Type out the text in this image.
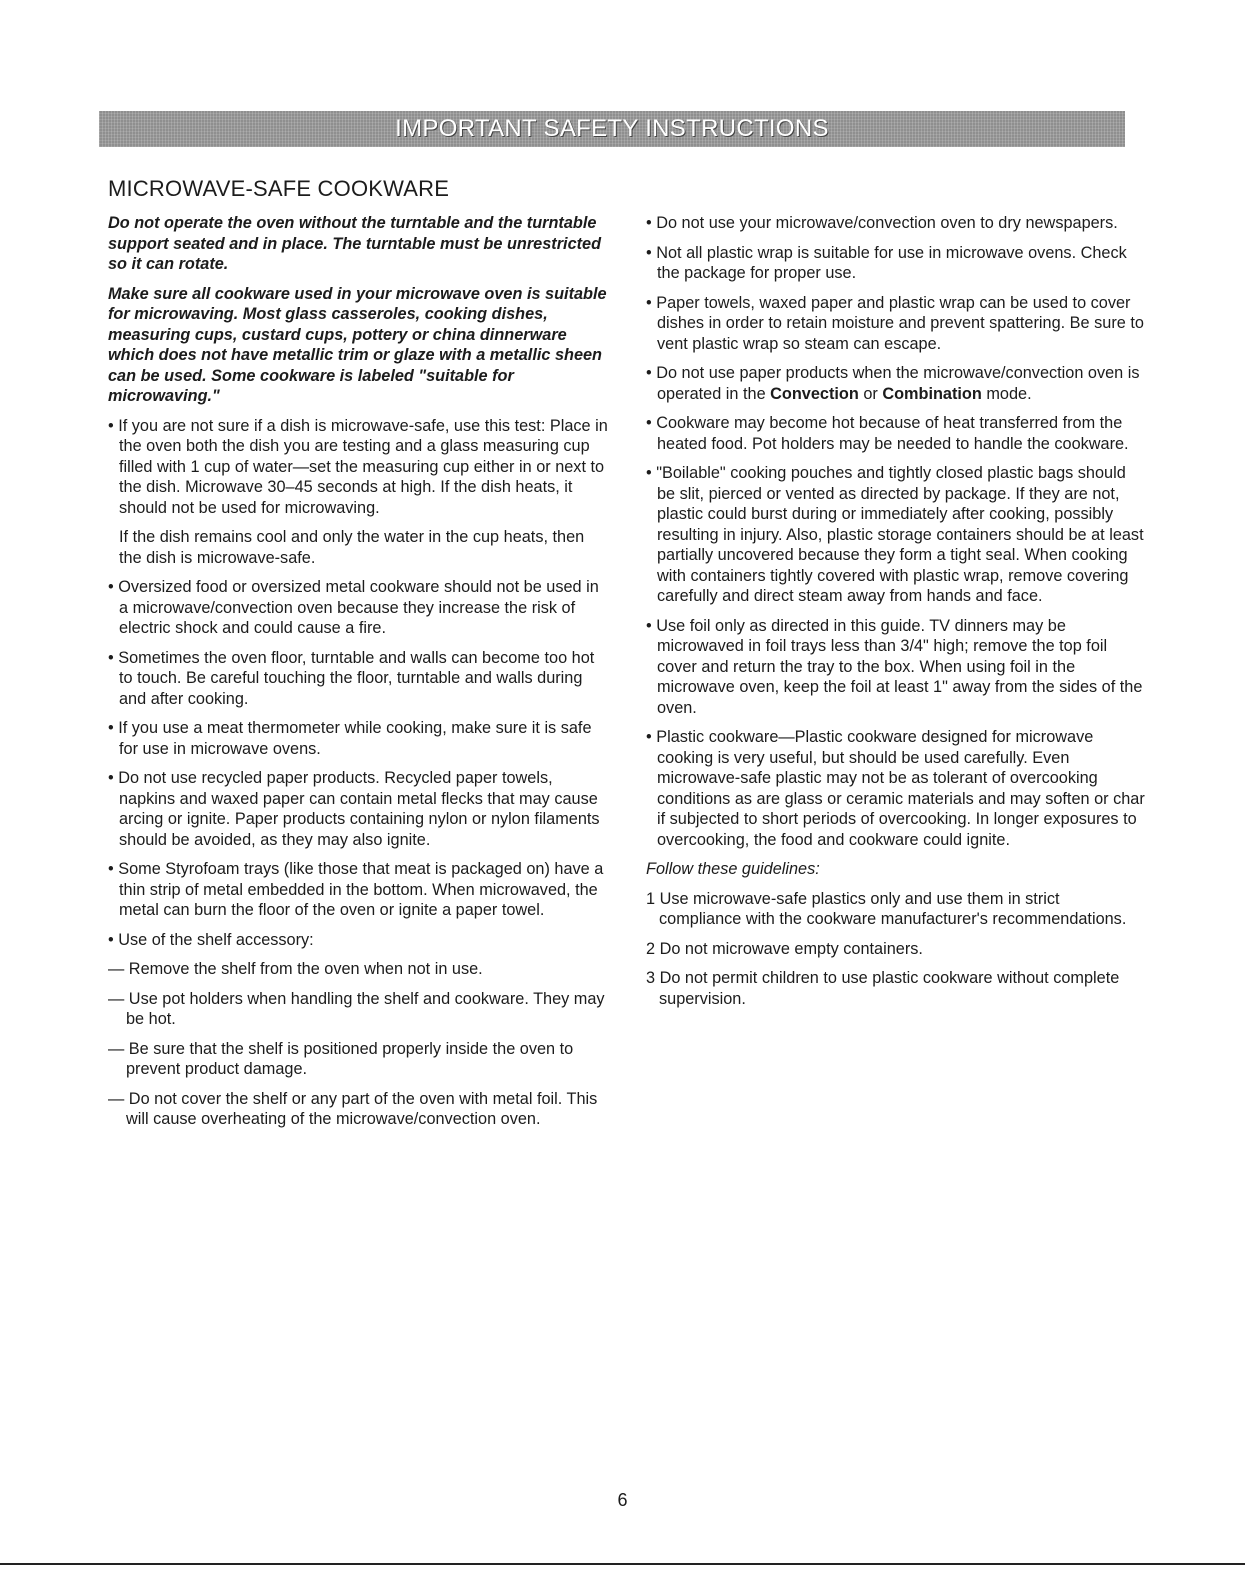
IMPORTANT SAFETY INSTRUCTIONS
MICROWAVE-SAFE COOKWARE

Do not operate the oven without the turntable and the turntable support seated and in place. The turntable must be unrestricted so it can rotate.

Make sure all cookware used in your microwave oven is suitable for microwaving. Most glass casseroles, cooking dishes, measuring cups, custard cups, pottery or china dinnerware which does not have metallic trim or glaze with a metallic sheen can be used. Some cookware is labeled "suitable for microwaving."

• If you are not sure if a dish is microwave-safe, use this test: Place in the oven both the dish you are testing and a glass measuring cup filled with 1 cup of water—set the measuring cup either in or next to the dish. Microwave 30–45 seconds at high. If the dish heats, it should not be used for microwaving.

If the dish remains cool and only the water in the cup heats, then the dish is microwave-safe.

• Oversized food or oversized metal cookware should not be used in a microwave/convection oven because they increase the risk of electric shock and could cause a fire.

• Sometimes the oven floor, turntable and walls can become too hot to touch. Be careful touching the floor, turntable and walls during and after cooking.

• If you use a meat thermometer while cooking, make sure it is safe for use in microwave ovens.

• Do not use recycled paper products. Recycled paper towels, napkins and waxed paper can contain metal flecks that may cause arcing or ignite. Paper products containing nylon or nylon filaments should be avoided, as they may also ignite.

• Some Styrofoam trays (like those that meat is packaged on) have a thin strip of metal embedded in the bottom. When microwaved, the metal can burn the floor of the oven or ignite a paper towel.

• Use of the shelf accessory:

— Remove the shelf from the oven when not in use.

— Use pot holders when handling the shelf and cookware. They may be hot.

— Be sure that the shelf is positioned properly inside the oven to prevent product damage.

— Do not cover the shelf or any part of the oven with metal foil. This will cause overheating of the microwave/convection oven.

• Do not use your microwave/convection oven to dry newspapers.

• Not all plastic wrap is suitable for use in microwave ovens. Check the package for proper use.

• Paper towels, waxed paper and plastic wrap can be used to cover dishes in order to retain moisture and prevent spattering. Be sure to vent plastic wrap so steam can escape.

• Do not use paper products when the microwave/convection oven is operated in the Convection or Combination mode.

• Cookware may become hot because of heat transferred from the heated food. Pot holders may be needed to handle the cookware.

• "Boilable" cooking pouches and tightly closed plastic bags should be slit, pierced or vented as directed by package. If they are not, plastic could burst during or immediately after cooking, possibly resulting in injury. Also, plastic storage containers should be at least partially uncovered because they form a tight seal. When cooking with containers tightly covered with plastic wrap, remove covering carefully and direct steam away from hands and face.

• Use foil only as directed in this guide. TV dinners may be microwaved in foil trays less than 3/4" high; remove the top foil cover and return the tray to the box. When using foil in the microwave oven, keep the foil at least 1" away from the sides of the oven.

• Plastic cookware—Plastic cookware designed for microwave cooking is very useful, but should be used carefully. Even microwave-safe plastic may not be as tolerant of overcooking conditions as are glass or ceramic materials and may soften or char if subjected to short periods of overcooking. In longer exposures to overcooking, the food and cookware could ignite.

Follow these guidelines:

1 Use microwave-safe plastics only and use them in strict compliance with the cookware manufacturer's recommendations.

2 Do not microwave empty containers.

3 Do not permit children to use plastic cookware without complete supervision.

6
